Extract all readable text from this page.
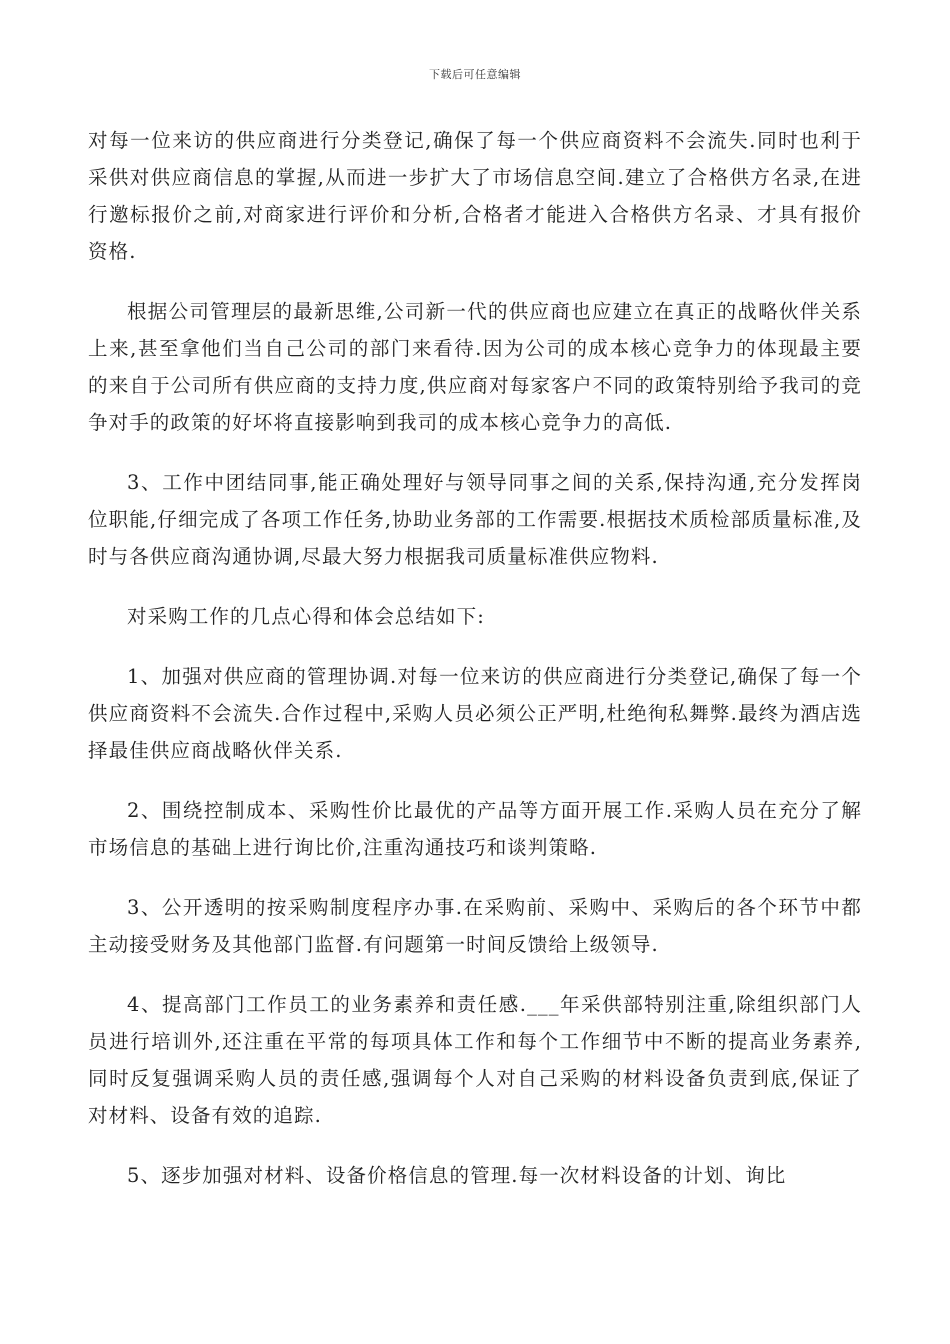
下载后可任意编辑

对每一位来访的供应商进行分类登记,确保了每一个供应商资料不会流失.同时也利于采供对供应商信息的掌握,从而进一步扩大了市场信息空间.建立了合格供方名录,在进行邀标报价之前,对商家进行评价和分析,合格者才能进入合格供方名录、才具有报价资格.

根据公司管理层的最新思维,公司新一代的供应商也应建立在真正的战略伙伴关系上来,甚至拿他们当自己公司的部门来看待.因为公司的成本核心竞争力的体现最主要的来自于公司所有供应商的支持力度,供应商对每家客户不同的政策特别给予我司的竞争对手的政策的好坏将直接影响到我司的成本核心竞争力的高低.

3、工作中团结同事,能正确处理好与领导同事之间的关系,保持沟通,充分发挥岗位职能,仔细完成了各项工作任务,协助业务部的工作需要.根据技术质检部质量标准,及时与各供应商沟通协调,尽最大努力根据我司质量标准供应物料.

对采购工作的几点心得和体会总结如下:

1、加强对供应商的管理协调.对每一位来访的供应商进行分类登记,确保了每一个供应商资料不会流失.合作过程中,采购人员必须公正严明,杜绝徇私舞弊.最终为酒店选择最佳供应商战略伙伴关系.

2、围绕控制成本、采购性价比最优的产品等方面开展工作.采购人员在充分了解市场信息的基础上进行询比价,注重沟通技巧和谈判策略.

3、公开透明的按采购制度程序办事.在采购前、采购中、采购后的各个环节中都主动接受财务及其他部门监督.有问题第一时间反馈给上级领导.

4、提高部门工作员工的业务素养和责任感.___年采供部特别注重,除组织部门人员进行培训外,还注重在平常的每项具体工作和每个工作细节中不断的提高业务素养,同时反复强调采购人员的责任感,强调每个人对自己采购的材料设备负责到底,保证了对材料、设备有效的追踪.

5、逐步加强对材料、设备价格信息的管理.每一次材料设备的计划、询比
